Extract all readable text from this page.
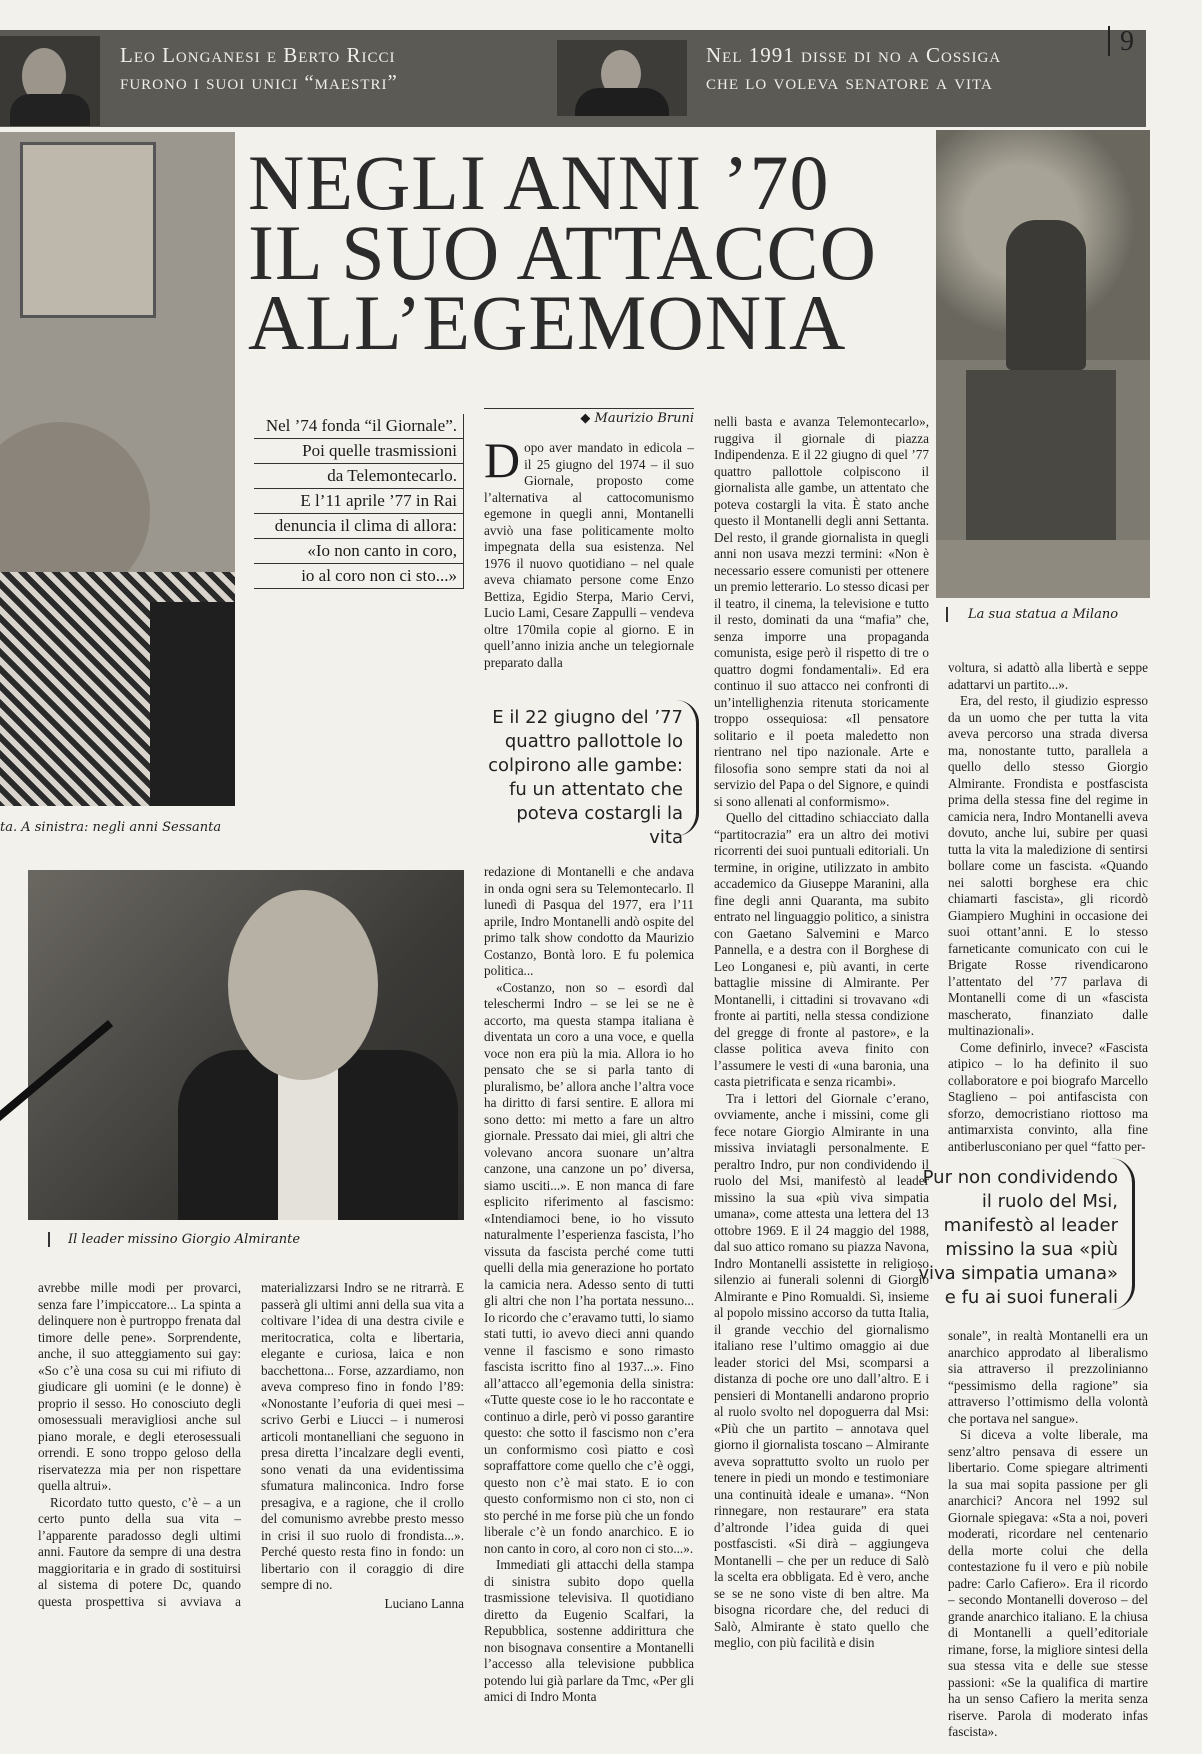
Leo Longanesi e Berto Ricci
furono i suoi unici “maestri”
Nel 1991 disse di no a Cossiga
che lo voleva senatore a vita
9
ta. A sinistra: negli anni Sessanta
NEGLI ANNI ’70
IL SUO ATTACCO
ALL’EGEMONIA
La sua statua a Milano
Nel ’74 fonda “il Giornale”.
Poi quelle trasmissioni
da Telemontecarlo.
E l’11 aprile ’77 in Rai
denuncia il clima di allora:
«Io non canto in coro,
io al coro non ci sto...»
◆ Maurizio Bruni

Dopo aver mandato in edicola – il 25 giugno del 1974 – il suo Giornale, proposto come l’alternativa al cattocomunismo egemone in quegli anni, Montanelli avviò una fase politicamente molto impegnata della sua esistenza. Nel 1976 il nuovo quotidiano – nel quale aveva chiamato persone come Enzo Bettiza, Egidio Sterpa, Mario Cervi, Lucio Lami, Cesare Zappulli – vendeva oltre 170mila copie al giorno. E in quell’anno inizia anche un telegiornale preparato dalla

E il 22 giugno del ’77 quattro pallottole lo colpirono alle gambe: fu un attentato che poteva costargli la vita

redazione di Montanelli e che andava in onda ogni sera su Telemontecarlo. Il lunedì di Pasqua del 1977, era l’11 aprile, Indro Montanelli andò ospite del primo talk show condotto da Maurizio Costanzo, Bontà loro. E fu polemica politica...

«Costanzo, non so – esordì dal teleschermi Indro – se lei se ne è accorto, ma questa stampa italiana è diventata un coro a una voce, e quella voce non era più la mia. Allora io ho pensato che se si parla tanto di pluralismo, be’ allora anche l’altra voce ha diritto di farsi sentire. E allora mi sono detto: mi metto a fare un altro giornale. Pressato dai miei, gli altri che volevano ancora suonare un’altra canzone, una canzone un po’ diversa, siamo usciti...». E non manca di fare esplicito riferimento al fascismo: «Intendiamoci bene, io ho vissuto naturalmente l’esperienza fascista, l’ho vissuta da fascista perché come tutti quelli della mia generazione ho portato la camicia nera. Adesso sento di tutti gli altri che non l’ha portata nessuno... Io ricordo che c’eravamo tutti, lo siamo stati tutti, io avevo dieci anni quando venne il fascismo e sono rimasto fascista iscritto fino al 1937...». Fino all’attacco all’egemonia della sinistra: «Tutte queste cose io le ho raccontate e continuo a dirle, però vi posso garantire questo: che sotto il fascismo non c’era un conformismo così piatto e così sopraffattore come quello che c’è oggi, questo non c’è mai stato. E io con questo conformismo non ci sto, non ci sto perché in me forse più che un fondo liberale c’è un fondo anarchico. E io non canto in coro, al coro non ci sto...».

Immediati gli attacchi della stampa di sinistra subito dopo quella trasmissione televisiva. Il quotidiano diretto da Eugenio Scalfari, la Repubblica, sostenne addirittura che non bisognava consentire a Montanelli l’accesso alla televisione pubblica potendo lui già parlare da Tmc, «Per gli amici di Indro Monta

nelli basta e avanza Telemontecarlo», ruggiva il giornale di piazza Indipendenza. E il 22 giugno di quel ’77 quattro pallottole colpiscono il giornalista alle gambe, un attentato che poteva costargli la vita. È stato anche questo il Montanelli degli anni Settanta. Del resto, il grande giornalista in quegli anni non usava mezzi termini: «Non è necessario essere comunisti per ottenere un premio letterario. Lo stesso dicasi per il teatro, il cinema, la televisione e tutto il resto, dominati da una “mafia” che, senza imporre una propaganda comunista, esige però il rispetto di tre o quattro dogmi fondamentali». Ed era continuo il suo attacco nei confronti di un’intellighenzia ritenuta storicamente troppo ossequiosa: «Il pensatore solitario e il poeta maledetto non rientrano nel tipo nazionale. Arte e filosofia sono sempre stati da noi al servizio del Papa o del Signore, e quindi si sono allenati al conformismo».

Quello del cittadino schiacciato dalla “partitocrazia” era un altro dei motivi ricorrenti dei suoi puntuali editoriali. Un termine, in origine, utilizzato in ambito accademico da Giuseppe Maranini, alla fine degli anni Quaranta, ma subito entrato nel linguaggio politico, a sinistra con Gaetano Salvemini e Marco Pannella, e a destra con il Borghese di Leo Longanesi e, più avanti, in certe battaglie missine di Almirante. Per Montanelli, i cittadini si trovavano «di fronte ai partiti, nella stessa condizione del gregge di fronte al pastore», e la classe politica aveva finito con l’assumere le vesti di «una baronia, una casta pietrificata e senza ricambi».

Tra i lettori del Giornale c’erano, ovviamente, anche i missini, come gli fece notare Giorgio Almirante in una missiva inviatagli personalmente. E peraltro Indro, pur non condividendo il ruolo del Msi, manifestò al leader missino la sua «più viva simpatia umana», come attesta una lettera del 13 ottobre 1969. E il 24 maggio del 1988, dal suo attico romano su piazza Navona, Indro Montanelli assistette in religioso silenzio ai funerali solenni di Giorgio Almirante e Pino Romualdi. Sì, insieme al popolo missino accorso da tutta Italia, il grande vecchio del giornalismo italiano rese l’ultimo omaggio ai due leader storici del Msi, scomparsi a distanza di poche ore uno dall’altro. E i pensieri di Montanelli andarono proprio al ruolo svolto nel dopoguerra dal Msi: «Più che un partito – annotava quel giorno il giornalista toscano – Almirante aveva soprattutto svolto un ruolo per tenere in piedi un mondo e testimoniare una continuità ideale e umana». “Non rinnegare, non restaurare” era stata d’altronde l’idea guida di quei postfascisti. «Si dirà – aggiungeva Montanelli – che per un reduce di Salò la scelta era obbligata. Ed è vero, anche se se ne sono viste di ben altre. Ma bisogna ricordare che, del reduci di Salò, Almirante è stato quello che meglio, con più facilità e disin

voltura, si adattò alla libertà e seppe adattarvi un partito...».

Era, del resto, il giudizio espresso da un uomo che per tutta la vita aveva percorso una strada diversa ma, nonostante tutto, parallela a quello dello stesso Giorgio Almirante. Frondista e postfascista prima della stessa fine del regime in camicia nera, Indro Montanelli aveva dovuto, anche lui, subire per quasi tutta la vita la maledizione di sentirsi bollare come un fascista. «Quando nei salotti borghese era chic chiamarti fascista», gli ricordò Giampiero Mughini in occasione dei suoi ottant’anni. E lo stesso farneticante comunicato con cui le Brigate Rosse rivendicarono l’attentato del ’77 parlava di Montanelli come di un «fascista mascherato, finanziato dalle multinazionali».

Come definirlo, invece? «Fascista atipico – lo ha definito il suo collaboratore e poi biografo Marcello Staglieno – poi antifascista con sforzo, democristiano riottoso ma antimarxista convinto, alla fine antiberlusconiano per quel “fatto per-

Pur non condividendo il ruolo del Msi, manifestò al leader missino la sua «più viva simpatia umana» e fu ai suoi funerali

sonale”, in realtà Montanelli era un anarchico approdato al liberalismo sia attraverso il prezzolinianno “pessimismo della ragione” sia attraverso l’ottimismo della volontà che portava nel sangue».

Si diceva a volte liberale, ma senz’altro pensava di essere un libertario. Come spiegare altrimenti la sua mai sopita passione per gli anarchici? Ancora nel 1992 sul Giornale spiegava: «Sta a noi, poveri moderati, ricordare nel centenario della morte colui che della contestazione fu il vero e più nobile padre: Carlo Cafiero». Era il ricordo – secondo Montanelli doveroso – del grande anarchico italiano. E la chiusa di Montanelli a quell’editoriale rimane, forse, la migliore sintesi della sua stessa vita e delle sue stesse passioni: «Se la qualifica di martire ha un senso Cafiero la merita senza riserve. Parola di moderato infas fascista».

Il leader missino Giorgio Almirante

avrebbe mille modi per provarci, senza fare l’impiccatore... La spinta a delinquere non è purtroppo frenata dal timore delle pene». Sorprendente, anche, il suo atteggiamento sui gay: «So c’è una cosa su cui mi rifiuto di giudicare gli uomini (e le donne) è proprio il sesso. Ho conosciuto degli omosessuali meravigliosi anche sul piano morale, e degli eterosessuali orrendi. E sono troppo geloso della riservatezza mia per non rispettare quella altrui».

Ricordato tutto questo, c’è – a un certo punto della sua vita – l’apparente paradosso degli ultimi anni. Fautore da sempre di una destra maggioritaria e in grado di sostituirsi al sistema di potere Dc, quando questa prospettiva si avviava a materializzarsi Indro se ne ritrarrà. E passerà gli ultimi anni della sua vita a coltivare l’idea di una destra civile e meritocratica, colta e libertaria, elegante e curiosa, laica e non bacchettona... Forse, azzardiamo, non aveva compreso fino in fondo l’89: «Nonostante l’euforia di quei mesi – scrivo Gerbi e Liucci – i numerosi articoli montanelliani che seguono in presa diretta l’incalzare degli eventi, sono venati da una evidentissima sfumatura malinconica. Indro forse presagiva, e a ragione, che il crollo del comunismo avrebbe presto messo in crisi il suo ruolo di frondista...». Perché questo resta fino in fondo: un libertario con il coraggio di dire sempre di no.

Luciano Lanna
